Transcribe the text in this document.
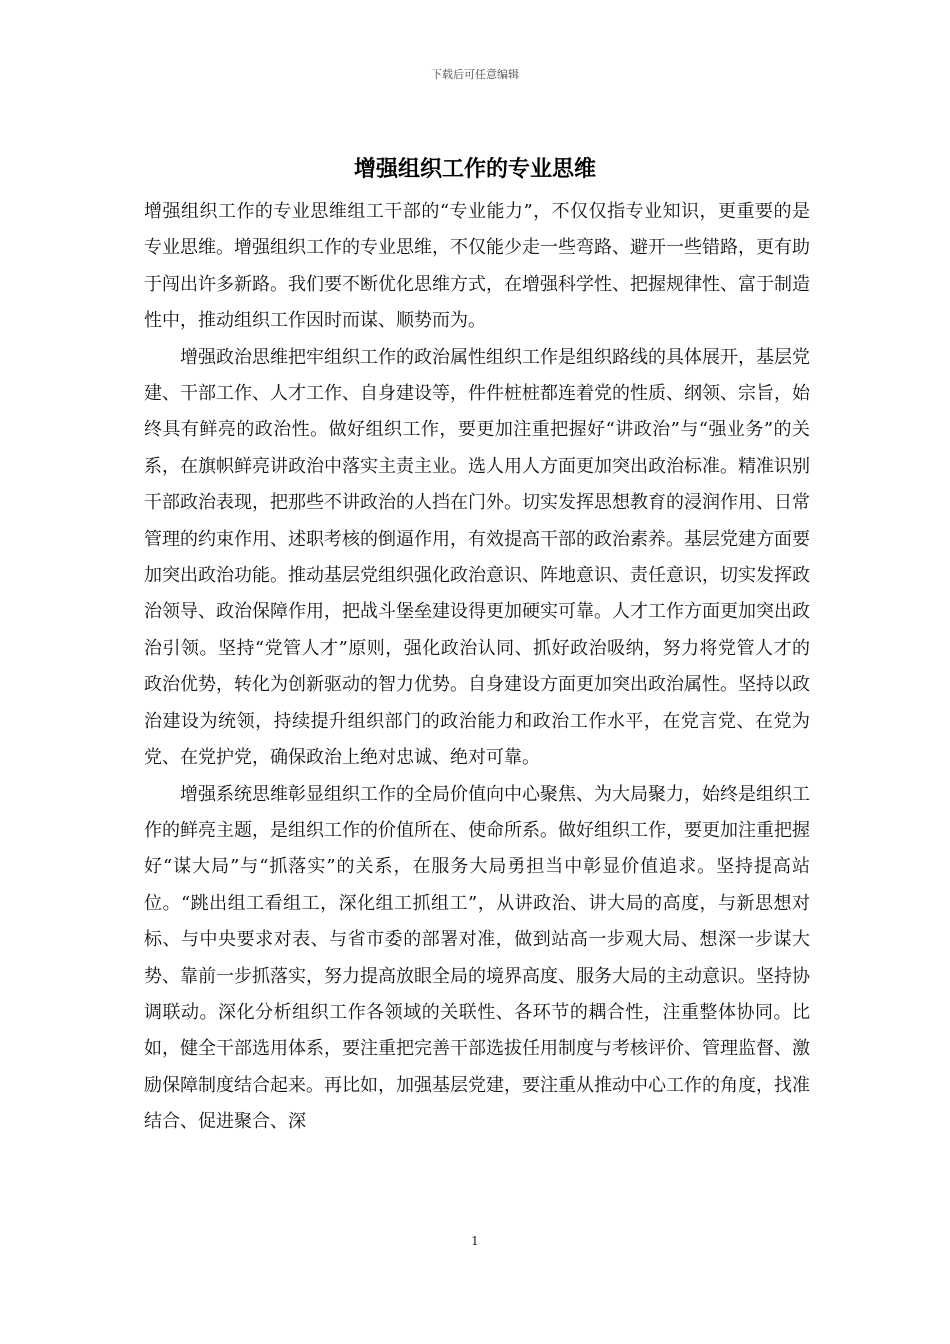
下载后可任意编辑
增强组织工作的专业思维

增强组织工作的专业思维组工干部的“专业能力”，不仅仅指专业知识，更重要的是专业思维。增强组织工作的专业思维，不仅能少走一些弯路、避开一些错路，更有助于闯出许多新路。我们要不断优化思维方式，在增强科学性、把握规律性、富于制造性中，推动组织工作因时而谋、顺势而为。

增强政治思维把牢组织工作的政治属性组织工作是组织路线的具体展开，基层党建、干部工作、人才工作、自身建设等，件件桩桩都连着党的性质、纲领、宗旨，始终具有鲜亮的政治性。做好组织工作，要更加注重把握好“讲政治”与“强业务”的关系，在旗帜鲜亮讲政治中落实主责主业。选人用人方面更加突出政治标准。精准识别干部政治表现，把那些不讲政治的人挡在门外。切实发挥思想教育的浸润作用、日常管理的约束作用、述职考核的倒逼作用，有效提高干部的政治素养。基层党建方面要加突出政治功能。推动基层党组织强化政治意识、阵地意识、责任意识，切实发挥政治领导、政治保障作用，把战斗堡垒建设得更加硬实可靠。人才工作方面更加突出政治引领。坚持“党管人才”原则，强化政治认同、抓好政治吸纳，努力将党管人才的政治优势，转化为创新驱动的智力优势。自身建设方面更加突出政治属性。坚持以政治建设为统领，持续提升组织部门的政治能力和政治工作水平，在党言党、在党为党、在党护党，确保政治上绝对忠诚、绝对可靠。

增强系统思维彰显组织工作的全局价值向中心聚焦、为大局聚力，始终是组织工作的鲜亮主题，是组织工作的价值所在、使命所系。做好组织工作，要更加注重把握好“谋大局”与“抓落实”的关系，在服务大局勇担当中彰显价值追求。坚持提高站位。“跳出组工看组工，深化组工抓组工”，从讲政治、讲大局的高度，与新思想对标、与中央要求对表、与省市委的部署对准，做到站高一步观大局、想深一步谋大势、靠前一步抓落实，努力提高放眼全局的境界高度、服务大局的主动意识。坚持协调联动。深化分析组织工作各领域的关联性、各环节的耦合性，注重整体协同。比如，健全干部选用体系，要注重把完善干部选拔任用制度与考核评价、管理监督、激励保障制度结合起来。再比如，加强基层党建，要注重从推动中心工作的角度，找准结合、促进聚合、深

1
